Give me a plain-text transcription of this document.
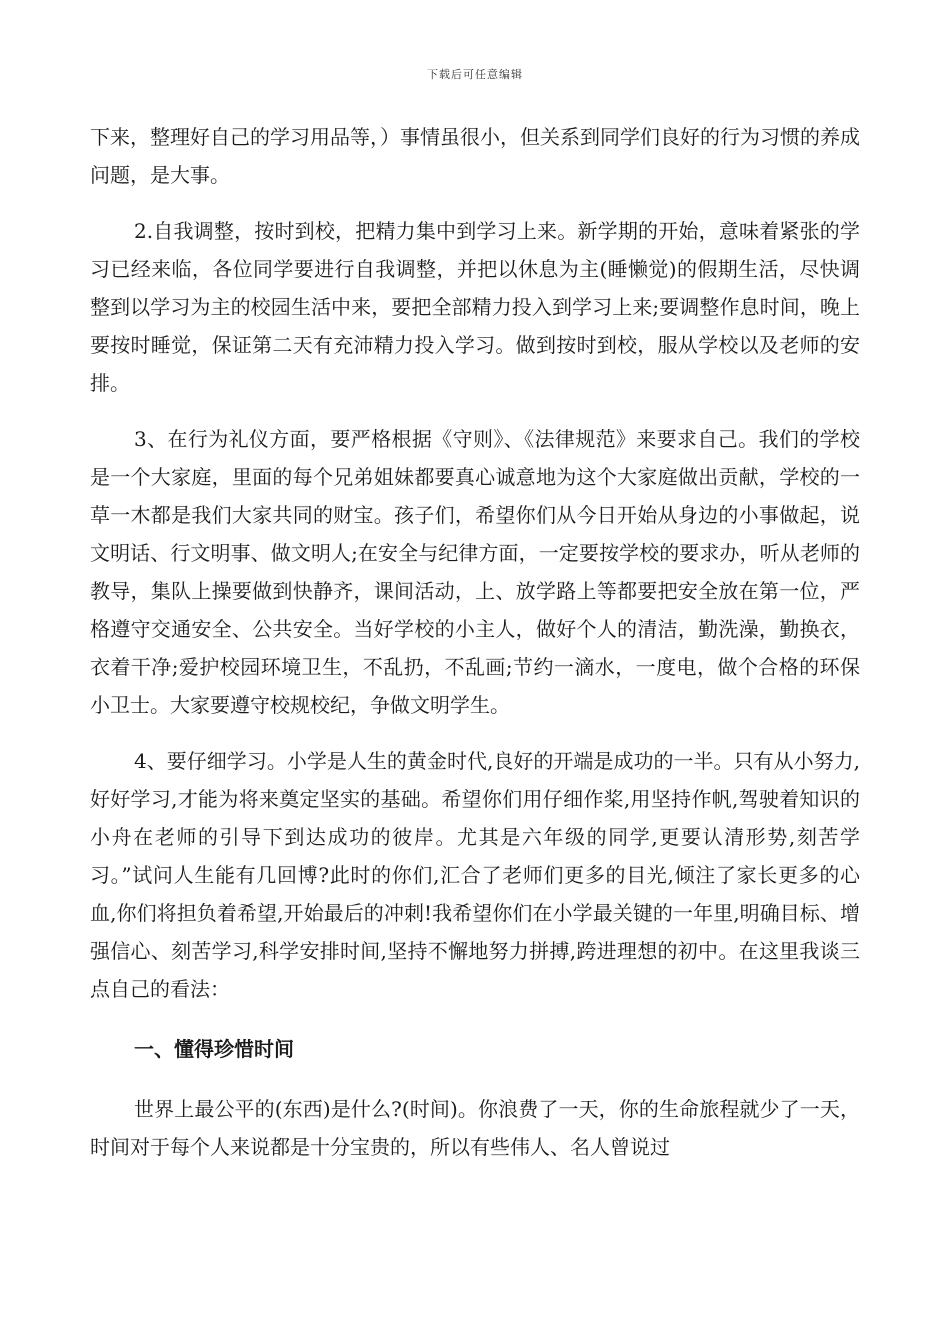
下载后可任意编辑

下来，整理好自己的学习用品等，）事情虽很小，但关系到同学们良好的行为习惯的养成问题，是大事。

2.自我调整，按时到校，把精力集中到学习上来。新学期的开始，意味着紧张的学习已经来临，各位同学要进行自我调整，并把以休息为主(睡懒觉)的假期生活，尽快调整到以学习为主的校园生活中来，要把全部精力投入到学习上来;要调整作息时间，晚上要按时睡觉，保证第二天有充沛精力投入学习。做到按时到校，服从学校以及老师的安排。

3、在行为礼仪方面，要严格根据《守则》、《法律规范》来要求自己。我们的学校是一个大家庭，里面的每个兄弟姐妹都要真心诚意地为这个大家庭做出贡献，学校的一草一木都是我们大家共同的财宝。孩子们，希望你们从今日开始从身边的小事做起，说文明话、行文明事、做文明人;在安全与纪律方面，一定要按学校的要求办，听从老师的教导，集队上操要做到快静齐，课间活动，上、放学路上等都要把安全放在第一位，严格遵守交通安全、公共安全。当好学校的小主人，做好个人的清洁，勤洗澡，勤换衣，衣着干净;爱护校园环境卫生，不乱扔，不乱画;节约一滴水，一度电，做个合格的环保小卫士。大家要遵守校规校纪，争做文明学生。

4、要仔细学习。小学是人生的黄金时代,良好的开端是成功的一半。只有从小努力,好好学习,才能为将来奠定坚实的基础。希望你们用仔细作桨,用坚持作帆,驾驶着知识的小舟在老师的引导下到达成功的彼岸。尤其是六年级的同学,更要认清形势,刻苦学习。”试问人生能有几回博?此时的你们,汇合了老师们更多的目光,倾注了家长更多的心血,你们将担负着希望,开始最后的冲刺!我希望你们在小学最关键的一年里,明确目标、增强信心、刻苦学习,科学安排时间,坚持不懈地努力拼搏,跨进理想的初中。在这里我谈三点自己的看法：

一、懂得珍惜时间

世界上最公平的(东西)是什么?(时间)。你浪费了一天，你的生命旅程就少了一天，时间对于每个人来说都是十分宝贵的，所以有些伟人、名人曾说过
